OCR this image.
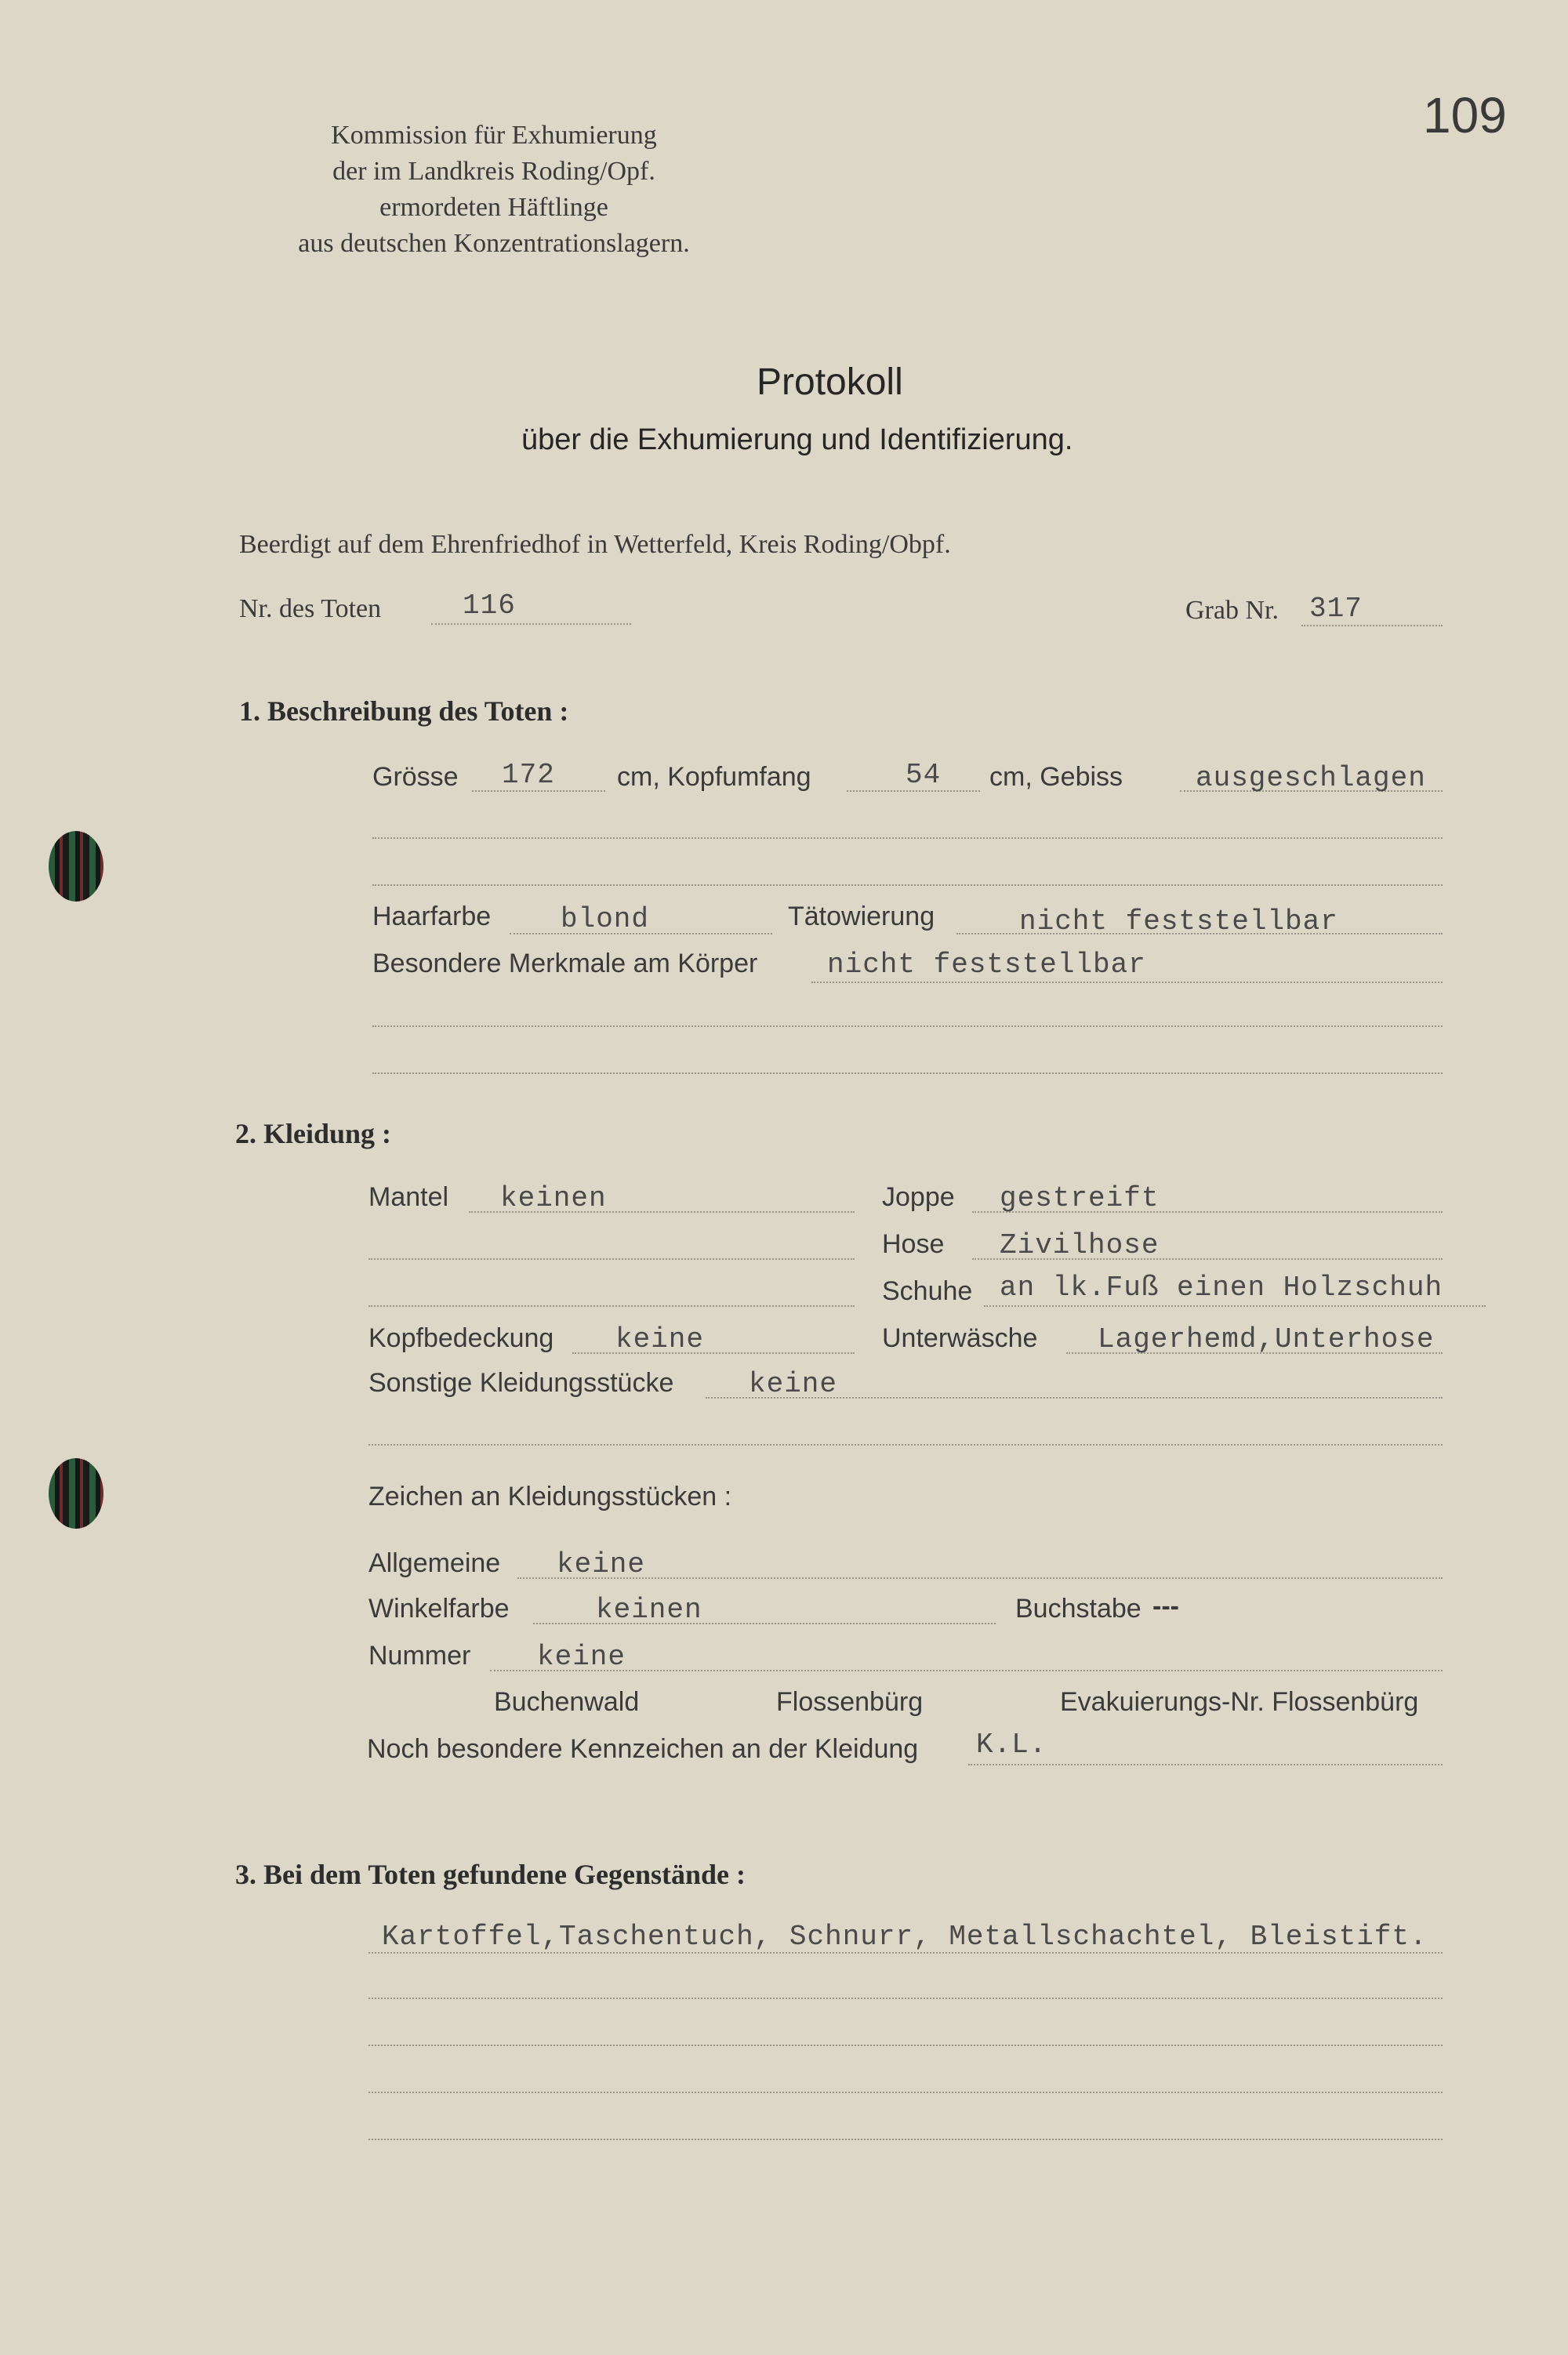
Kommission für Exhumierung
der im Landkreis Roding/Opf.
ermordeten Häftlinge
aus deutschen Konzentrationslagern.
109
Protokoll
über die Exhumierung und Identifizierung.
Beerdigt auf dem Ehrenfriedhof in Wetterfeld, Kreis Roding/Obpf.
Nr. des Toten	116	Grab Nr. 317
1. Beschreibung des Toten :
Grösse 172 cm, Kopfumfang	54 cm, Gebiss	ausgeschlagen
Haarfarbe blond	Tätowierung	nicht feststellbar
Besondere Merkmale am Körper nicht feststellbar
2. Kleidung :
Mantel keinen	Joppe gestreift
Hose Zivilhose
Schuhe an lk.Fuß einen Holzschuh
Kopfbedeckung keine	Unterwäsche Lagerhemd,Unterhose
Sonstige Kleidungsstücke	keine
Zeichen an Kleidungsstücken :
Allgemeine keine
Winkelfarbe	keinen	Buchstabe ---
Nummer keine
Buchenwald	Flossenbürg	Evakuierungs-Nr. Flossenbürg
Noch besondere Kennzeichen an der Kleidung K.L.
3. Bei dem Toten gefundene Gegenstände :
Kartoffel,Taschentuch, Schnurr, Metallschachtel, Bleistift.
